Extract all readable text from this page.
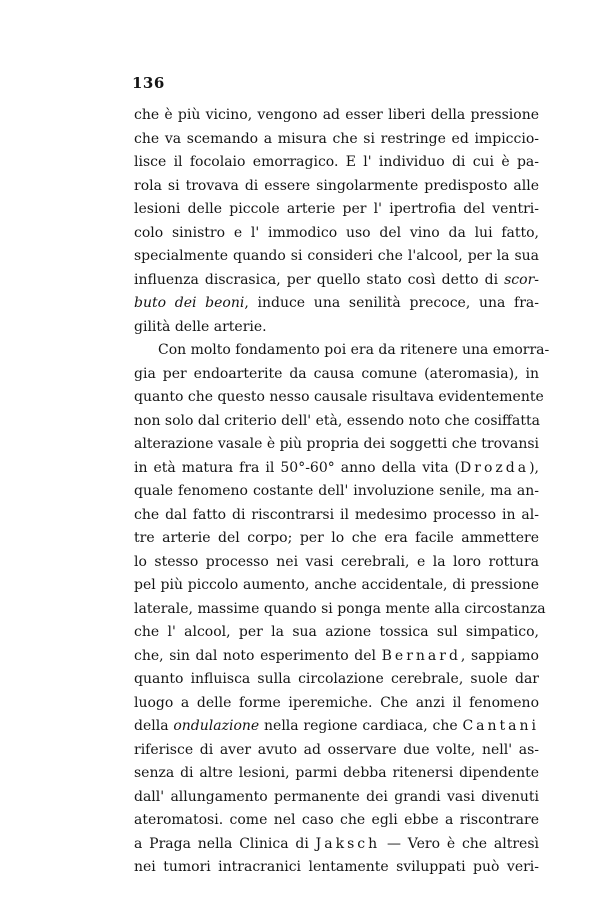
136
che è più vicino, vengono ad esser liberi della pressione
che va scemando a misura che si restringe ed impiccio-
lisce il focolaio emorragico. E l' individuo di cui è pa-
rola si trovava di essere singolarmente predisposto alle
lesioni delle piccole arterie per l' ipertrofia del ventri-
colo sinistro e l' immodico uso del vino da lui fatto,
specialmente quando si consideri che l'alcool, per la sua
influenza discrasica, per quello stato così detto di scor-
buto dei beoni, induce una senilità precoce, una fra-
gilità delle arterie.
Con molto fondamento poi era da ritenere una emorra-
gia per endoarterite da causa comune (ateromasia), in
quanto che questo nesso causale risultava evidentemente
non solo dal criterio dell' età, essendo noto che cosiffatta
alterazione vasale è più propria dei soggetti che trovansi
in età matura fra il 50°-60° anno della vita (Drozda),
quale fenomeno costante dell' involuzione senile, ma an-
che dal fatto di riscontrarsi il medesimo processo in al-
tre arterie del corpo; per lo che era facile ammettere
lo stesso processo nei vasi cerebrali, e la loro rottura
pel più piccolo aumento, anche accidentale, di pressione
laterale, massime quando si ponga mente alla circostanza
che l' alcool, per la sua azione tossica sul simpatico,
che, sin dal noto esperimento del Bernard, sappiamo
quanto influisca sulla circolazione cerebrale, suole dar
luogo a delle forme iperemiche. Che anzi il fenomeno
della ondulazione nella regione cardiaca, che Cantani
riferisce di aver avuto ad osservare due volte, nell' as-
senza di altre lesioni, parmi debba ritenersi dipendente
dall' allungamento permanente dei grandi vasi divenuti
ateromatosi. come nel caso che egli ebbe a riscontrare
a Praga nella Clinica di Jaksch — Vero è che altresì
nei tumori intracranici lentamente sviluppati può veri-
